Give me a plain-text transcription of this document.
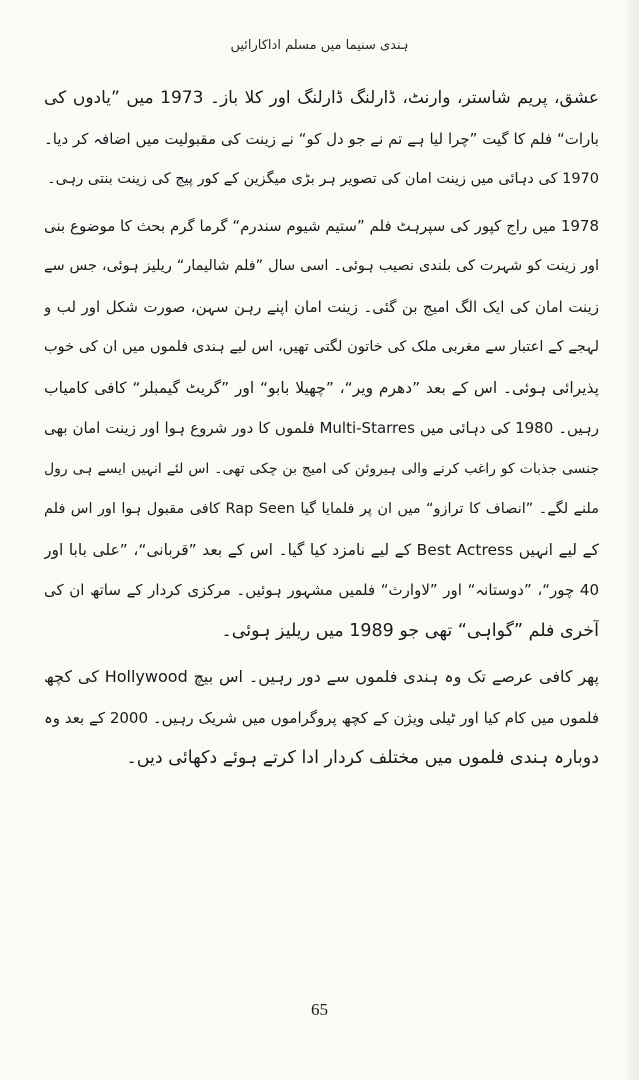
ہندی سنیما میں مسلم اداکارائیں
عشق، پریم شاستر، وارنٹ، ڈارلنگ ڈارلنگ اور کلا باز۔ 1973 میں ”یادوں کی
بارات“ فلم کا گیت ”چرا لیا ہے تم نے جو دل کو“ نے زینت کی مقبولیت میں اضافہ کر دیا۔
1970 کی دہائی میں زینت امان کی تصویر ہر بڑی میگزین کے کور پیج کی زینت بنتی رہی۔
1978 میں راج کپور کی سپرہٹ فلم ”ستیم شیوم سندرم“ گرما گرم بحث کا موضوع بنی
اور زینت کو شہرت کی بلندی نصیب ہوئی۔ اسی سال ”فلم شالیمار“ ریلیز ہوئی، جس سے
زینت امان کی ایک الگ امیج بن گئی۔ زینت امان اپنے رہن سہن، صورت شکل اور لب و
لہجے کے اعتبار سے مغربی ملک کی خاتون لگتی تھیں، اس لیے ہندی فلموں میں ان کی خوب
پذیرائی ہوئی۔ اس کے بعد ”دھرم ویر“، ”چھیلا بابو“ اور ”گریٹ گیمبلر“ کافی کامیاب
رہیں۔ 1980 کی دہائی میں Multi-Starres فلموں کا دور شروع ہوا اور زینت امان بھی
جنسی جذبات کو راغب کرنے والی ہیروئن کی امیج بن چکی تھی۔ اس لئے انہیں ایسے ہی رول
ملنے لگے۔ ”انصاف کا ترازو“ میں ان پر فلمایا گیا Rap Seen کافی مقبول ہوا اور اس فلم
کے لیے انہیں Best Actress کے لیے نامزد کیا گیا۔ اس کے بعد ”قربانی“، ”علی بابا اور
40 چور“، ”دوستانہ“ اور ”لاوارث“ فلمیں مشہور ہوئیں۔ مرکزی کردار کے ساتھ ان کی
آخری فلم ”گواہی“ تھی جو 1989 میں ریلیز ہوئی۔
پھر کافی عرصے تک وہ ہندی فلموں سے دور رہیں۔ اس بیچ Hollywood کی کچھ
فلموں میں کام کیا اور ٹیلی ویژن کے کچھ پروگراموں میں شریک رہیں۔ 2000 کے بعد وہ
دوبارہ ہندی فلموں میں مختلف کردار ادا کرتے ہوئے دکھائی دیں۔
65
